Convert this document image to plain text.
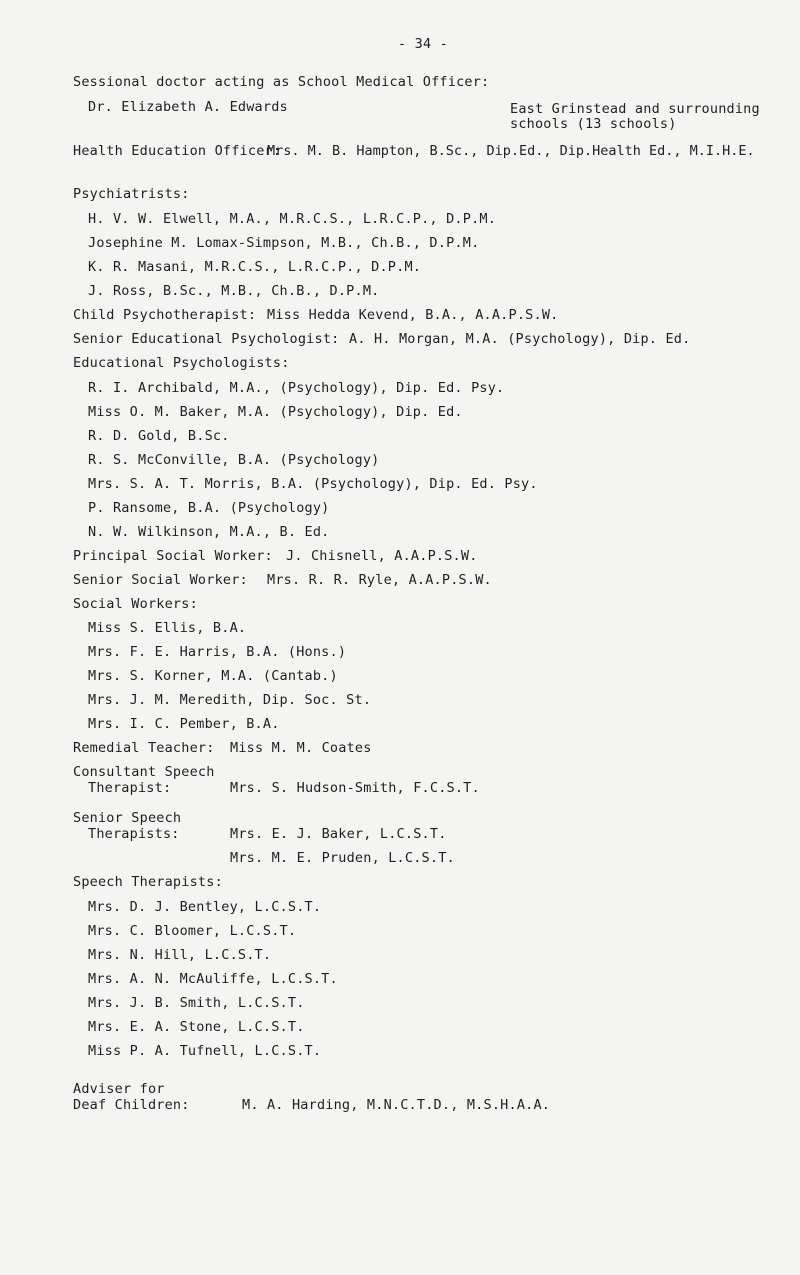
- 34 -
Sessional doctor acting as School Medical Officer:
Dr. Elizabeth A. Edwards	East Grinstead and surrounding
schools (13 schools)
Health Education Officer:
Mrs. M. B. Hampton, B.Sc., Dip.Ed., Dip.Health Ed., M.I.H.E.
Psychiatrists:
H. V. W. Elwell, M.A., M.R.C.S., L.R.C.P., D.P.M.
Josephine M. Lomax-Simpson, M.B., Ch.B., D.P.M.
K. R. Masani, M.R.C.S., L.R.C.P., D.P.M.
J. Ross, B.Sc., M.B., Ch.B., D.P.M.
Child Psychotherapist: Miss Hedda Kevend, B.A., A.A.P.S.W.
Senior Educational Psychologist: A. H. Morgan, M.A. (Psychology), Dip. Ed.
Educational Psychologists:
R. I. Archibald, M.A., (Psychology), Dip. Ed. Psy.
Miss O. M. Baker, M.A. (Psychology), Dip. Ed.
R. D. Gold, B.Sc.
R. S. McConville, B.A. (Psychology)
Mrs. S. A. T. Morris, B.A. (Psychology), Dip. Ed. Psy.
P. Ransome, B.A. (Psychology)
N. W. Wilkinson, M.A., B. Ed.
Principal Social Worker: J. Chisnell, A.A.P.S.W.
Senior Social Worker: Mrs. R. R. Ryle, A.A.P.S.W.
Social Workers:
Miss S. Ellis, B.A.
Mrs. F. E. Harris, B.A. (Hons.)
Mrs. S. Korner, M.A. (Cantab.)
Mrs. J. M. Meredith, Dip. Soc. St.
Mrs. I. C. Pember, B.A.
Remedial Teacher: Miss M. M. Coates
Consultant Speech
Therapist:	Mrs. S. Hudson-Smith, F.C.S.T.
Senior Speech
Therapists:	Mrs. E. J. Baker, L.C.S.T.
Mrs. M. E. Pruden, L.C.S.T.
Speech Therapists:
Mrs. D. J. Bentley, L.C.S.T.
Mrs. C. Bloomer, L.C.S.T.
Mrs. N. Hill, L.C.S.T.
Mrs. A. N. McAuliffe, L.C.S.T.
Mrs. J. B. Smith, L.C.S.T.
Mrs. E. A. Stone, L.C.S.T.
Miss P. A. Tufnell, L.C.S.T.
Adviser for
Deaf Children:	M. A. Harding, M.N.C.T.D., M.S.H.A.A.
